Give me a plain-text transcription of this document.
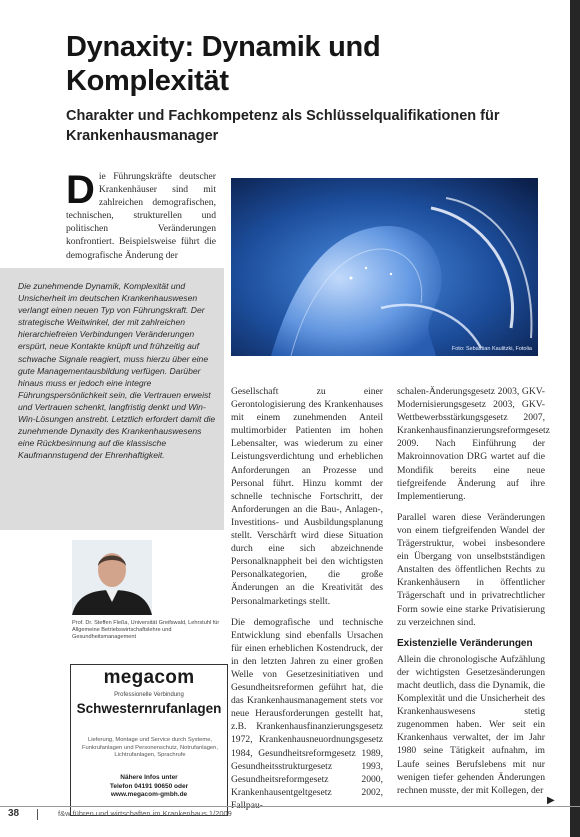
Dynaxity: Dynamik und Komplexität
Charakter und Fachkompetenz als Schlüsselqualifikationen für Krankenhausmanager
Die Führungskräfte deutscher Krankenhäuser sind mit zahlreichen demografischen, technischen, strukturellen und politischen Veränderungen konfrontiert. Beispielsweise führt die demografische Änderung der
Foto: Sebastian Kaulitzki, Fotolia
Die zunehmende Dynamik, Komplexität und Unsicherheit im deutschen Krankenhauswesen verlangt einen neuen Typ von Führungskraft. Der strategische Weitwinkel, der mit zahlreichen hierarchiefreien Verbindungen Veränderungen erspürt, neue Kontakte knüpft und frühzeitig auf schwache Signale reagiert, muss hierzu über eine gute Managementausbildung verfügen. Darüber hinaus muss er jedoch eine integre Führungspersönlichkeit sein, die Vertrauen erweist und Vertrauen schenkt, langfristig denkt und Win-Win-Lösungen anstrebt. Letztlich erfordert damit die zunehmende Dynaxity des Krankenhauswesens eine Rückbesinnung auf die klassische Kaufmannstugend der Ehrenhaftigkeit.

Gesellschaft zu einer Gerontologisierung des Krankenhauses mit einem zunehmenden Anteil multimorbider Patienten im hohen Lebensalter, was wiederum zu einer Leistungsverdichtung und erheblichen Anforderungen an Prozesse und Personal führt. Hinzu kommt der schnelle technische Fortschritt, der Anforderungen an die Bau-, Anlagen-, Investitions- und Ausbildungsplanung stellt. Verschärft wird diese Situation durch eine sich abzeichnende Personalknappheit bei den wichtigsten Personalkategorien, die große Änderungen an die Kreativität des Personalmarketings stellt.

Die demografische und technische Entwicklung sind ebenfalls Ursachen für einen erheblichen Kostendruck, der in den letzten Jahren zu einer großen Welle von Gesetzesinitiativen und Gesundheitsreformen geführt hat, die das Krankenhausmanagement stets vor neue Herausforderungen gestellt hat, z.B. Krankenhausfinanzierungsgesetz 1972, Krankenhausneuordnungsgesetz 1984, Gesundheitsreformgesetz 1989, Gesundheitsstrukturgesetz 1993, Gesundheitsreformgesetz 2000, Krankenhausentgeltgesetz 2002,

schalen-Änderungsgesetz 2003, GKV-Modernisierungsgesetz 2003, GKV-Wettbewerbsstärkungsgesetz 2007, Krankenhausfinanzierungsreformgesetz 2009. Nach Einführung der Makroinnovation DRG wartet auf die Mondifik bereits eine neue tiefgreifende Änderung auf ihre Implementierung.

Parallel waren diese Veränderungen von einem tiefgreifenden Wandel der Trägerstruktur, wobei insbesondere ein Übergang von unselbstständigen Anstalten des öffentlichen Rechts zu Krankenhäusern in öffentlicher Trägerschaft und in privatrechtlicher Form sowie eine starke Privatisierung zu verzeichnen sind.

Existenzielle Veränderungen

Allein die chronologische Aufzählung der wichtigsten Gesetzesänderungen macht deutlich, dass die Dynamik, die Komplexität und die Unsicherheit des Krankenhauswesens stetig zugenommen haben. Wer seit ein Krankenhaus verwaltet, der im Jahr 1980 seine Tätigkeit aufnahm, im Laufe seines Berufslebens mit nur wenigen tiefer gehenden Änderungen rechnen musste, der mit Kollegen, der

Prof. Dr. Steffen Fleßa, Universität Greifswald, Lehrstuhl für Allgemeine Betriebswirtschaftslehre und Gesundheitsmanagement
megacom
Professionelle Verbindung
Schwesternrufanlagen
Lieferung, Montage und Service durch Systeme, Funkrufanlagen und Personenschutz, Notrufanlagen, Lichtrufanlagen, Sprachrufe
Nähere Infos unter
Telefon 04191 90650 oder
www.megacom-gmbh.de
▶
38	f&w führen und wirtschaften im Krankenhaus 1/2009
